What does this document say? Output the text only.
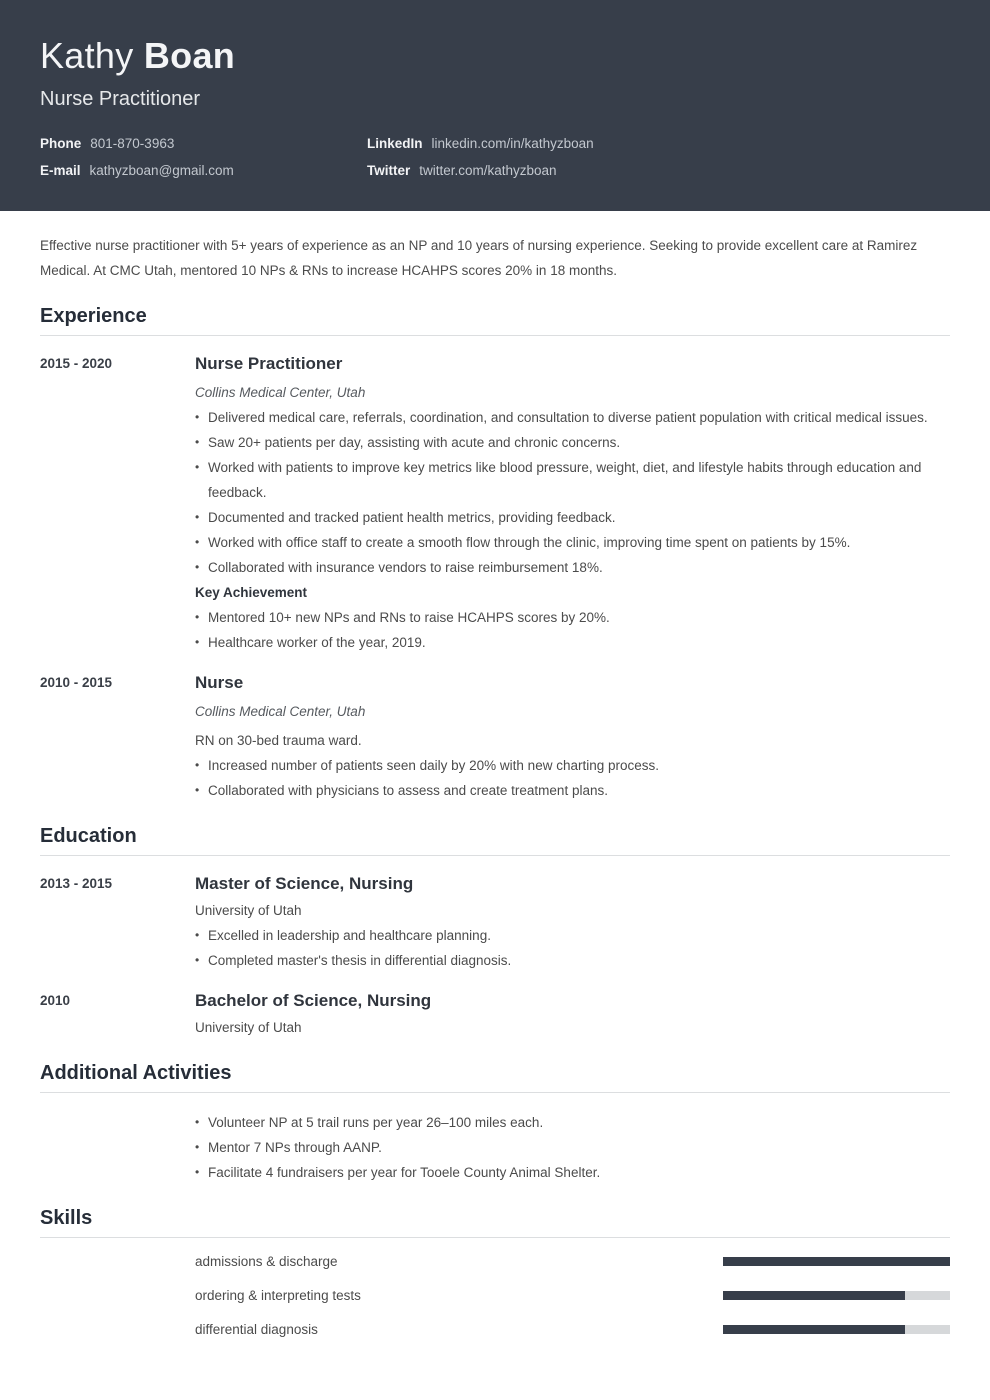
Kathy Boan
Nurse Practitioner
Phone 801-870-3963	LinkedIn linkedin.com/in/kathyzboan
E-mail kathyzboan@gmail.com	Twitter twitter.com/kathyzboan

Effective nurse practitioner with 5+ years of experience as an NP and 10 years of nursing experience. Seeking to provide excellent care at Ramirez Medical. At CMC Utah, mentored 10 NPs & RNs to increase HCAHPS scores 20% in 18 months.

Experience
2015 - 2020	Nurse Practitioner
Collins Medical Center, Utah
• Delivered medical care, referrals, coordination, and consultation to diverse patient population with critical medical issues.
• Saw 20+ patients per day, assisting with acute and chronic concerns.
• Worked with patients to improve key metrics like blood pressure, weight, diet, and lifestyle habits through education and feedback.
• Documented and tracked patient health metrics, providing feedback.
• Worked with office staff to create a smooth flow through the clinic, improving time spent on patients by 15%.
• Collaborated with insurance vendors to raise reimbursement 18%.
Key Achievement
• Mentored 10+ new NPs and RNs to raise HCAHPS scores by 20%.
• Healthcare worker of the year, 2019.
2010 - 2015	Nurse
Collins Medical Center, Utah
RN on 30-bed trauma ward.
• Increased number of patients seen daily by 20% with new charting process.
• Collaborated with physicians to assess and create treatment plans.
Education
2013 - 2015	Master of Science, Nursing
University of Utah
• Excelled in leadership and healthcare planning.
• Completed master's thesis in differential diagnosis.
2010	Bachelor of Science, Nursing
University of Utah
Additional Activities
• Volunteer NP at 5 trail runs per year 26–100 miles each.
• Mentor 7 NPs through AANP.
• Facilitate 4 fundraisers per year for Tooele County Animal Shelter.
Skills
admissions & discharge
ordering & interpreting tests
differential diagnosis
